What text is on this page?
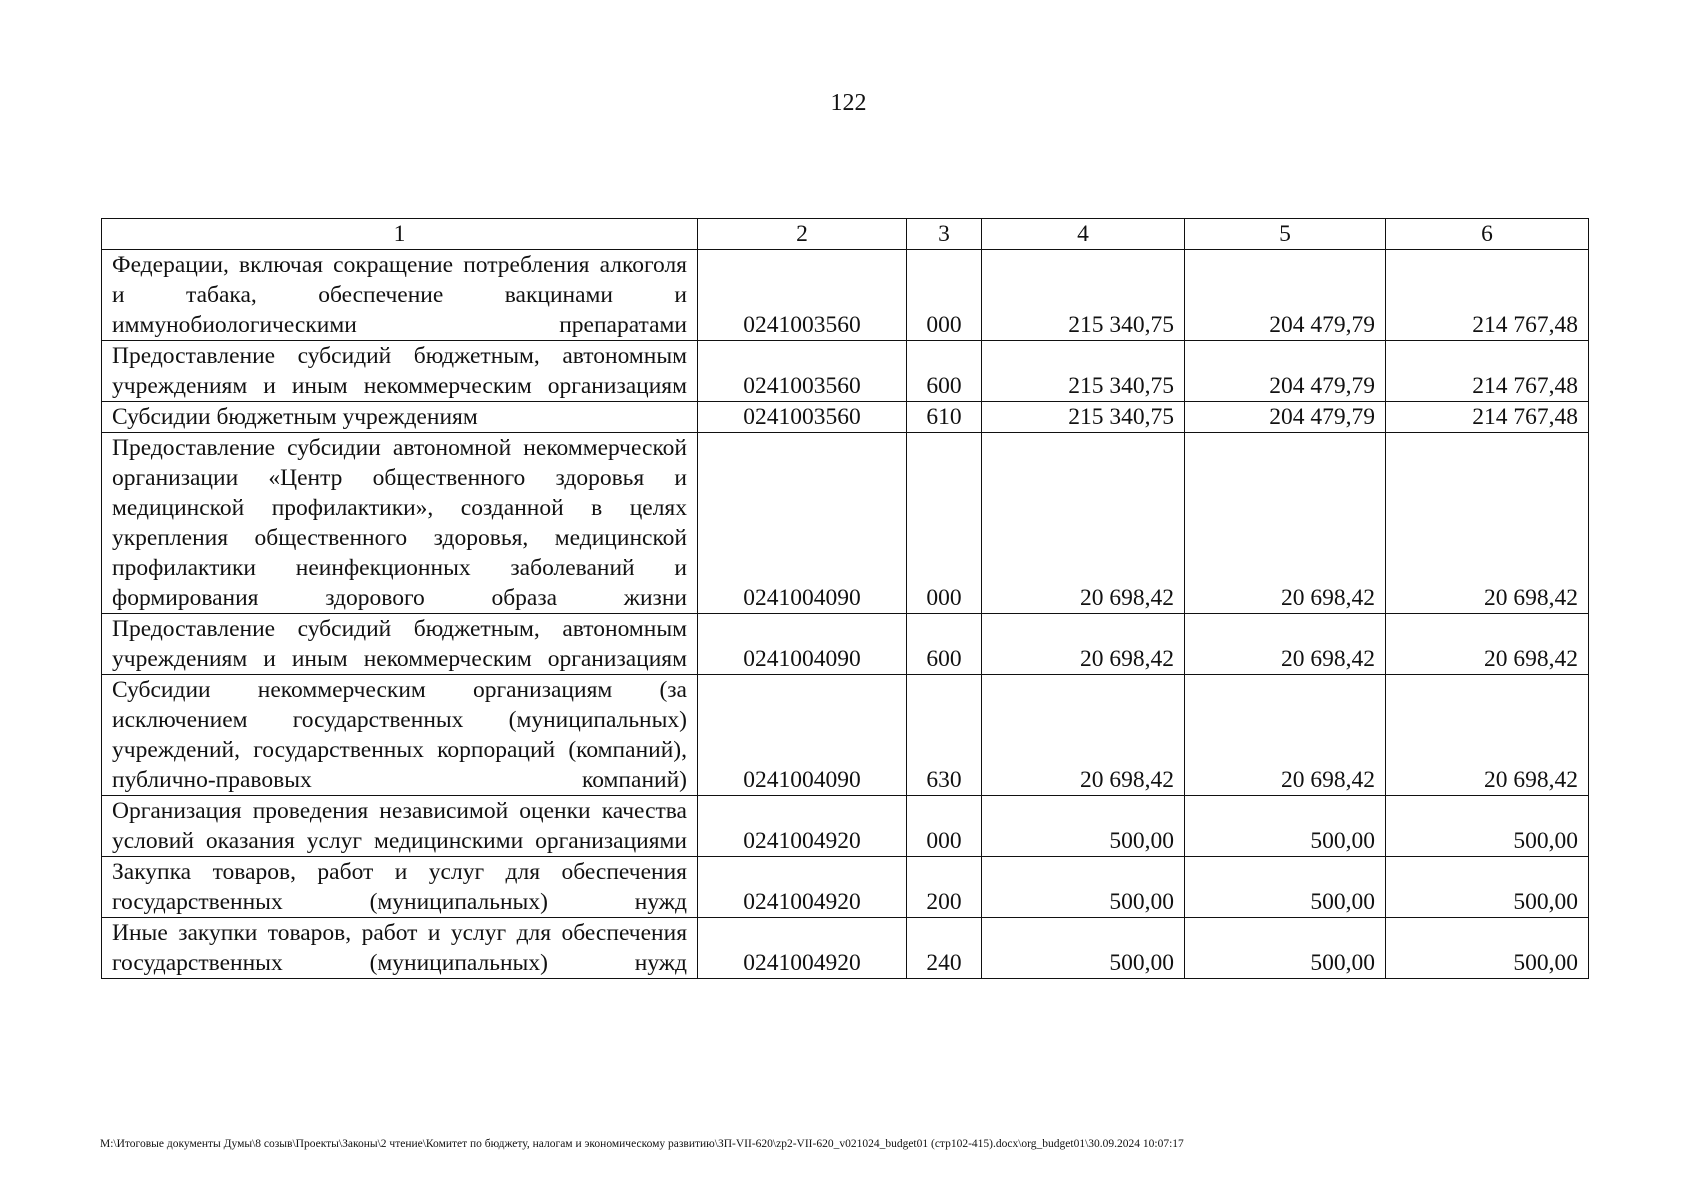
122
1	2	3	4	5	6
Федерации, включая сокращение потребления алкоголя и табака, обеспечение вакцинами и иммунобиологическими препаратами	0241003560	000	215 340,75	204 479,79	214 767,48
Предоставление субсидий бюджетным, автономным учреждениям и иным некоммерческим организациям	0241003560	600	215 340,75	204 479,79	214 767,48
Субсидии бюджетным учреждениям	0241003560	610	215 340,75	204 479,79	214 767,48
Предоставление субсидии автономной некоммерческой организации «Центр общественного здоровья и медицинской профилактики», созданной в целях укрепления общественного здоровья, медицинской профилактики неинфекционных заболеваний и формирования здорового образа жизни	0241004090	000	20 698,42	20 698,42	20 698,42
Предоставление субсидий бюджетным, автономным учреждениям и иным некоммерческим организациям	0241004090	600	20 698,42	20 698,42	20 698,42
Субсидии некоммерческим организациям (за исключением государственных (муниципальных) учреждений, государственных корпораций (компаний), публично-правовых компаний)	0241004090	630	20 698,42	20 698,42	20 698,42
Организация проведения независимой оценки качества условий оказания услуг медицинскими организациями	0241004920	000	500,00	500,00	500,00
Закупка товаров, работ и услуг для обеспечения государственных (муниципальных) нужд	0241004920	200	500,00	500,00	500,00
Иные закупки товаров, работ и услуг для обеспечения государственных (муниципальных) нужд	0241004920	240	500,00	500,00	500,00
M:\Итоговые документы Думы\8 созыв\Проекты\Законы\2 чтение\Комитет по бюджету, налогам и экономическому развитию\ЗП-VII-620\zp2-VII-620_v021024_budget01 (стр102-415).docx\org_budget01\30.09.2024 10:07:17
